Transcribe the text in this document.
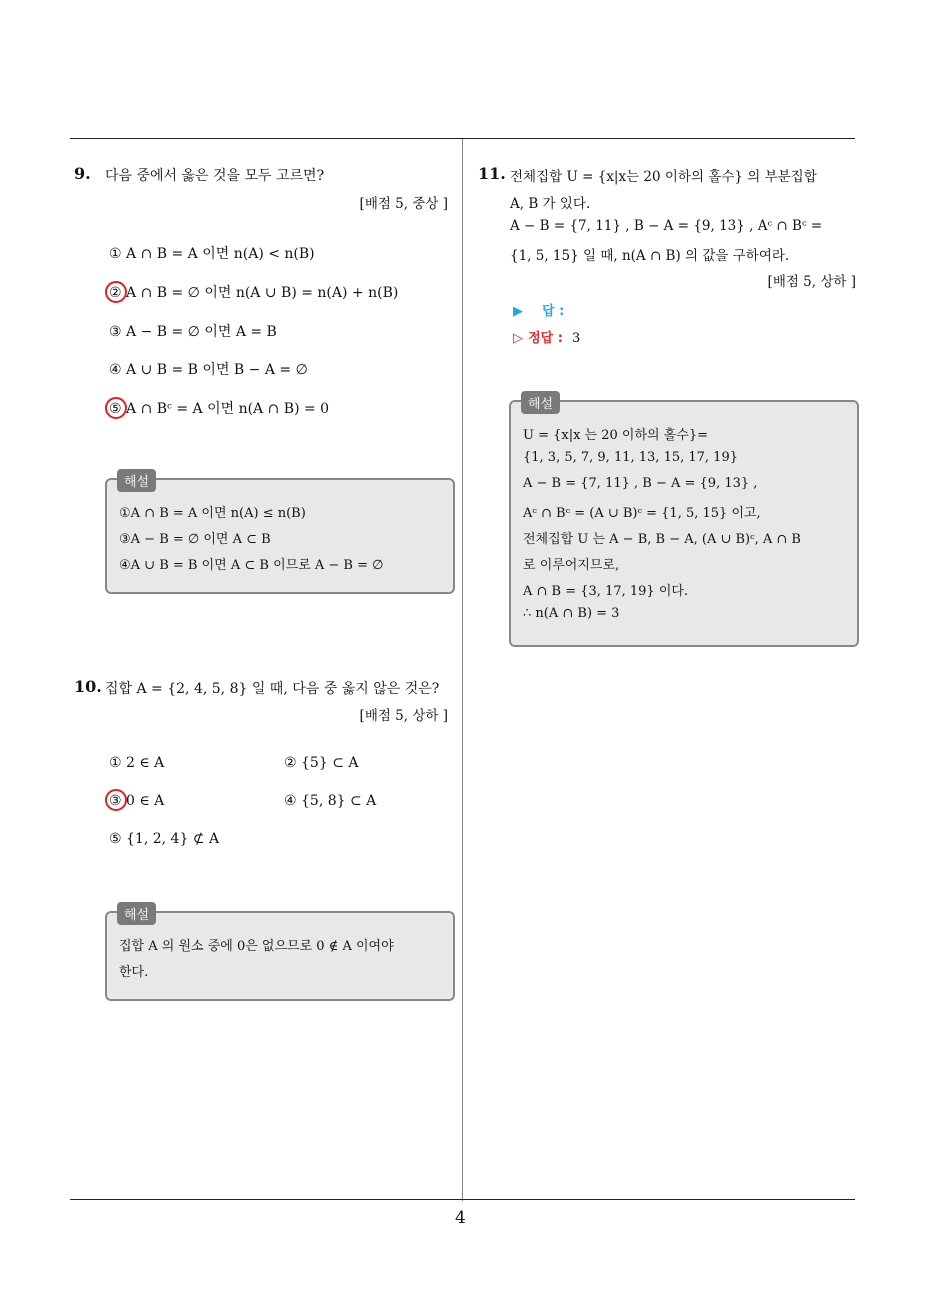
9. 다음 중에서 옳은 것을 모두 고르면?
[배점 5, 중상 ]
① A ∩ B = A 이면 n(A) < n(B)
② A ∩ B = ∅ 이면 n(A ∪ B) = n(A) + n(B)
③ A − B = ∅ 이면 A = B
④ A ∪ B = B 이면 B − A = ∅
⑤ A ∩ Bᶜ = A 이면 n(A ∩ B) = 0
해설
①A ∩ B = A 이면 n(A) ≤ n(B)
③A − B = ∅ 이면 A ⊂ B
④A ∪ B = B 이면 A ⊂ B 이므로 A − B = ∅
10. 집합 A = {2, 4, 5, 8} 일 때, 다음 중 옳지 않은 것은?
[배점 5, 상하 ]
① 2 ∈ A	② {5} ⊂ A
③ 0 ∈ A	④ {5, 8} ⊂ A
⑤ {1, 2, 4} ⊄ A
해설
집합 A 의 원소 중에 0은 없으므로 0 ∉ A 이여야
한다.
11. 전체집합 U = {x|x는 20 이하의 홀수} 의 부분집합
A, B 가 있다.
A − B = {7, 11} , B − A = {9, 13} , Aᶜ ∩ Bᶜ =
{1, 5, 15} 일 때, n(A ∩ B) 의 값을 구하여라.
[배점 5, 상하 ]
▶ 답 :
▷ 정답 : 3
해설
U = {x|x 는 20 이하의 홀수}=
{1, 3, 5, 7, 9, 11, 13, 15, 17, 19}
A − B = {7, 11} , B − A = {9, 13} ,
Aᶜ ∩ Bᶜ = (A ∪ B)ᶜ = {1, 5, 15} 이고,
전체집합 U 는 A − B, B − A, (A ∪ B)ᶜ, A ∩ B
로 이루어지므로,
A ∩ B = {3, 17, 19} 이다.
∴ n(A ∩ B) = 3
4
